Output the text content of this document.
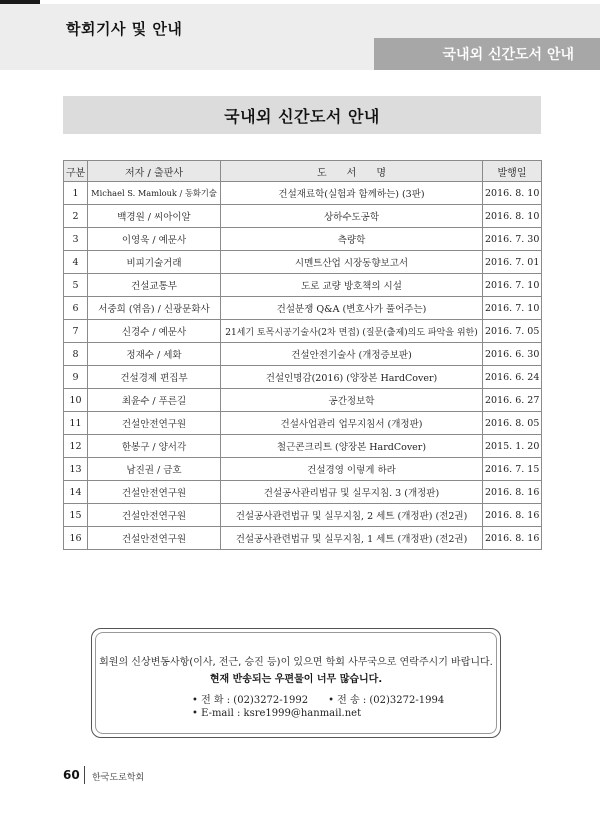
학회기사 및 안내
국내외 신간도서 안내
국내외 신간도서 안내
구분	저자 / 출판사	도　　서　　명	발행일
1	Michael S. Mamlouk / 동화기술	건설재료학(실험과 함께하는) (3판)	2016. 8. 10
2	백경원 / 씨아이알	상하수도공학	2016. 8. 10
3	이영욱 / 예문사	측량학	2016. 7. 30
4	비피기술거래	시멘트산업 시장동향보고서	2016. 7. 01
5	건설교통부	도로 교량 방호책의 시설	2016. 7. 10
6	서중희 (엮음) / 신광문화사	건설분쟁 Q&A (변호사가 풀어주는)	2016. 7. 10
7	신경수 / 예문사	21세기 토목시공기술사(2차 면접) (질문(출제)의도 파악을 위한)	2016. 7. 05
8	정재수 / 세화	건설안전기술사 (개정증보판)	2016. 6. 30
9	건설경제 편집부	건설인명감(2016) (양장본 HardCover)	2016. 6. 24
10	최윤수 / 푸른길	공간정보학	2016. 6. 27
11	건설안전연구원	건설사업관리 업무지침서 (개정판)	2016. 8. 05
12	한봉구 / 양서각	철근콘크리트 (양장본 HardCover)	2015. 1. 20
13	남진권 / 금호	건설경영 이렇게 하라	2016. 7. 15
14	건설안전연구원	건설공사관리법규 및 실무지침. 3 (개정판)	2016. 8. 16
15	건설안전연구원	건설공사관련법규 및 실무지침, 2 세트 (개정판) (전2권)	2016. 8. 16
16	건설안전연구원	건설공사관련법규 및 실무지침, 1 세트 (개정판) (전2권)	2016. 8. 16
회원의 신상변동사항(이사, 전근, 승진 등)이 있으면 학회 사무국으로 연락주시기 바랍니다.
현재 반송되는 우편물이 너무 많습니다.
• 전 화 : (02)3272-1992　　• 전 송 : (02)3272-1994
• E-mail : ksre1999@hanmail.net
60 한국도로학회
